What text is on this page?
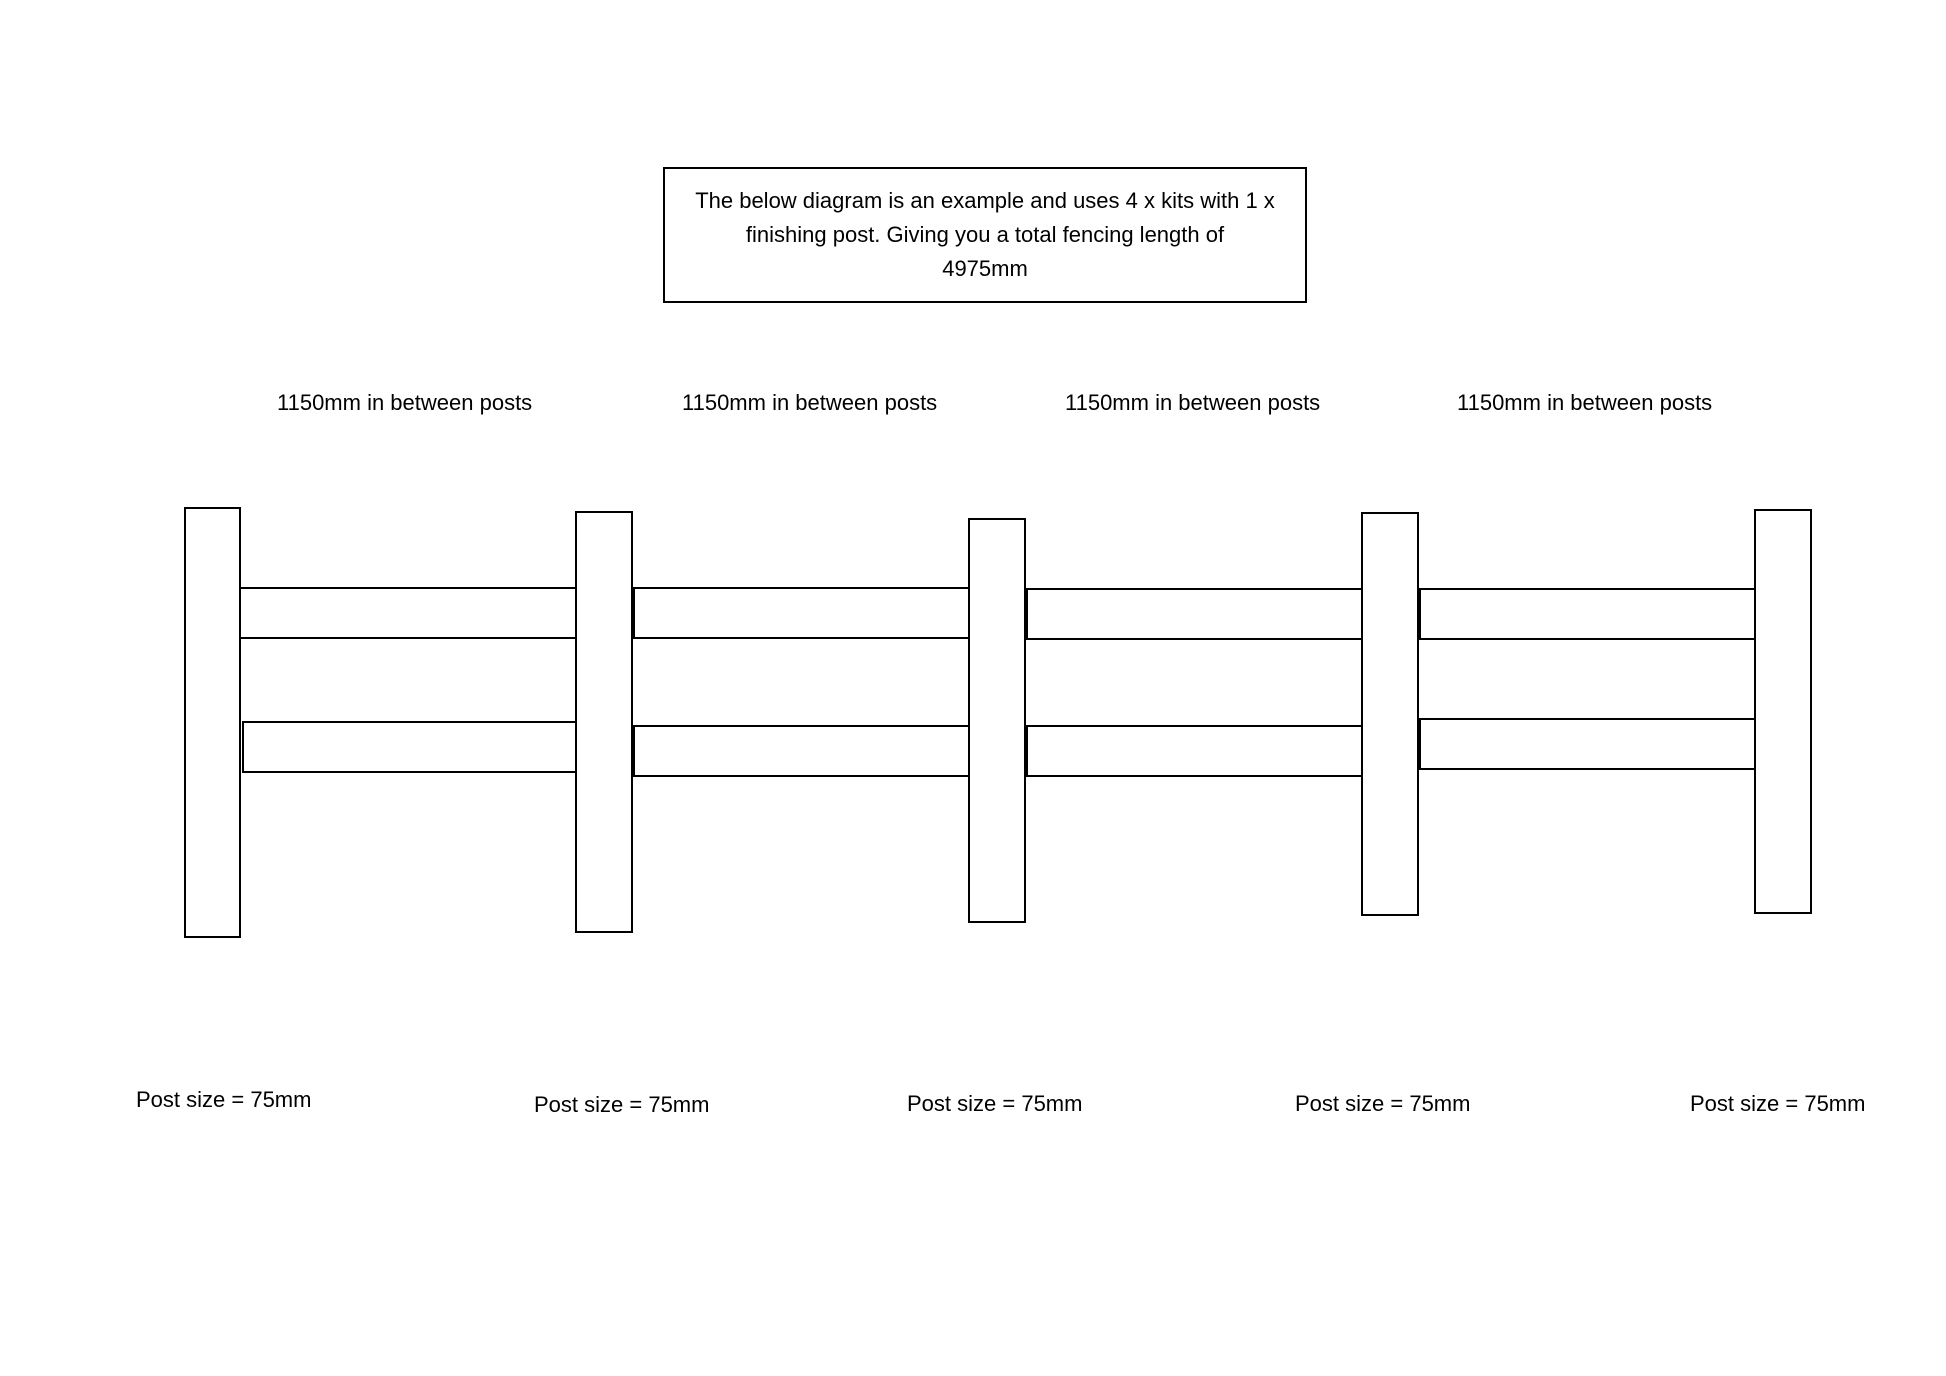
The below diagram is an example and uses 4 x kits with 1 x
finishing post. Giving you a total fencing length of
4975mm
1150mm in between posts	1150mm in between posts	1150mm in between posts	1150mm in between posts
Post size = 75mm	Post size = 75mm	Post size = 75mm	Post size = 75mm	Post size = 75mm
